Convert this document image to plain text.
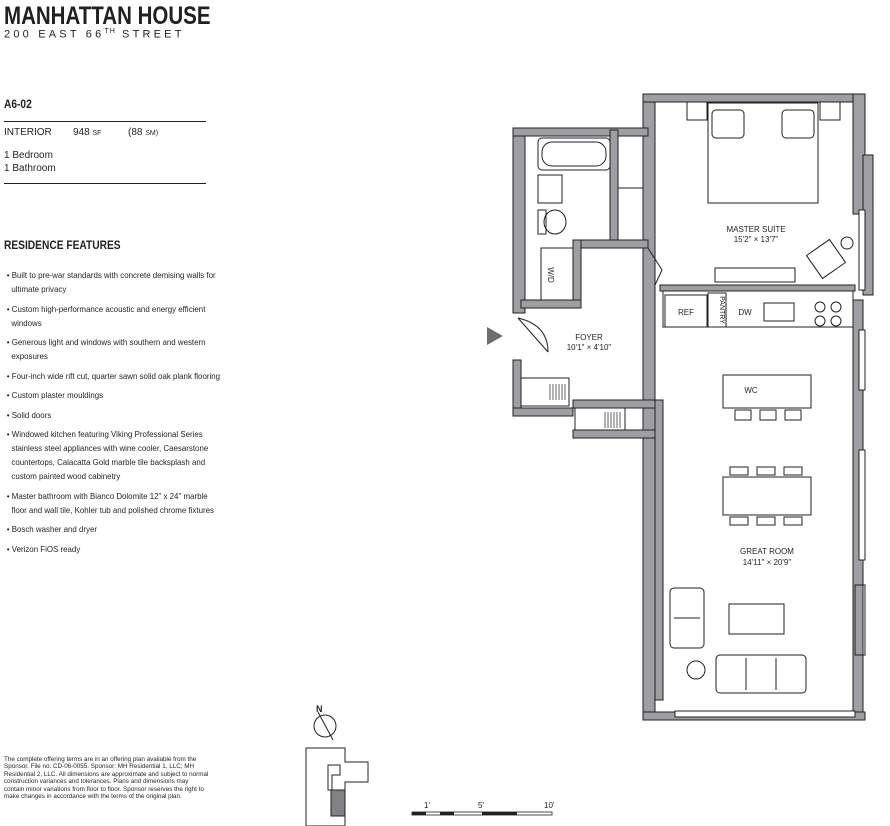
MANHATTAN HOUSE
200 EAST 66TH STREET
A6-02
INTERIOR 948 SF	(88 SM)
1 Bedroom
1 Bathroom
RESIDENCE FEATURES
• Built to pre-war standards with concrete demising walls for ultimate privacy
• Custom high-performance acoustic and energy efficient windows
• Generous light and windows with southern and western exposures
• Four-inch wide rift cut, quarter sawn solid oak plank flooring
• Custom plaster mouldings
• Solid doors
• Windowed kitchen featuring Viking Professional Series stainless steel appliances with wine cooler, Caesarstone countertops, Calacatta Gold marble tile backsplash and custom painted wood cabinetry
• Master bathroom with Bianco Dolomite 12" x 24" marble floor and wall tile, Kohler tub and polished chrome fixtures
• Bosch washer and dryer
• Verizon FiOS ready
The complete offering terms are in an offering plan available from the Sponsor. File no. CD-06-0055. Sponsor: MH Residential 1, LLC; MH Residential 2, LLC. All dimensions are approximate and subject to normal construction variances and tolerances. Plans and dimensions may contain minor variations from floor to floor. Sponsor reserves the right to make changes in accordance with the terms of the original plan.
MASTER SUITE
15'2" × 13'7"
FOYER
10'1" × 4'10"
GREAT ROOM
14'11" × 20'9"
REF	DW
WC
W/D
PANTRY
N
1'	5'	10'
